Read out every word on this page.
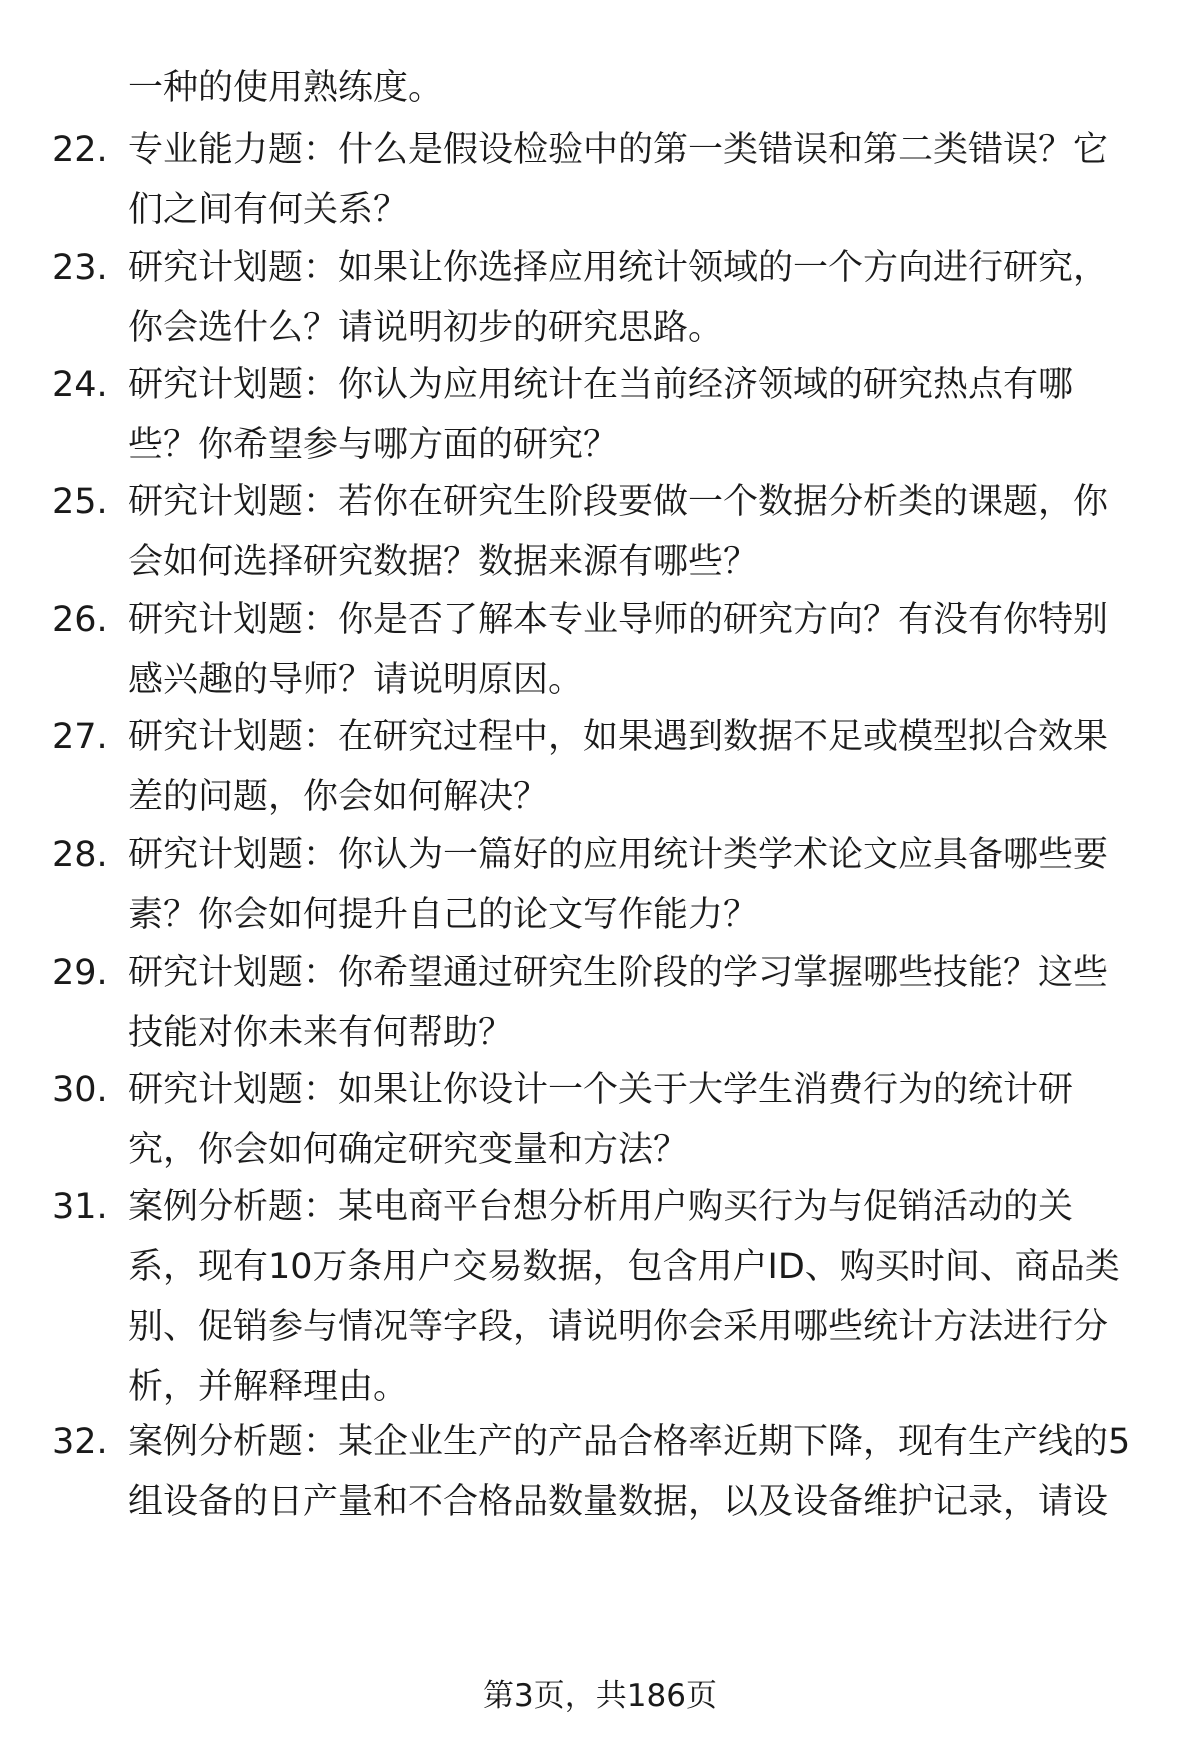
一种的使用熟练度。
22. 专业能力题：什么是假设检验中的第一类错误和第二类错误？它
们之间有何关系？
23. 研究计划题：如果让你选择应用统计领域的一个方向进行研究，
你会选什么？请说明初步的研究思路。
24. 研究计划题：你认为应用统计在当前经济领域的研究热点有哪
些？你希望参与哪方面的研究？
25. 研究计划题：若你在研究生阶段要做一个数据分析类的课题，你
会如何选择研究数据？数据来源有哪些？
26. 研究计划题：你是否了解本专业导师的研究方向？有没有你特别
感兴趣的导师？请说明原因。
27. 研究计划题：在研究过程中，如果遇到数据不足或模型拟合效果
差的问题，你会如何解决？
28. 研究计划题：你认为一篇好的应用统计类学术论文应具备哪些要
素？你会如何提升自己的论文写作能力？
29. 研究计划题：你希望通过研究生阶段的学习掌握哪些技能？这些
技能对你未来有何帮助？
30. 研究计划题：如果让你设计一个关于大学生消费行为的统计研
究，你会如何确定研究变量和方法？
31. 案例分析题：某电商平台想分析用户购买行为与促销活动的关
系，现有10万条用户交易数据，包含用户ID、购买时间、商品类
别、促销参与情况等字段，请说明你会采用哪些统计方法进行分
析，并解释理由。
32. 案例分析题：某企业生产的产品合格率近期下降，现有生产线的5
组设备的日产量和不合格品数量数据，以及设备维护记录，请设
第3页，共186页
